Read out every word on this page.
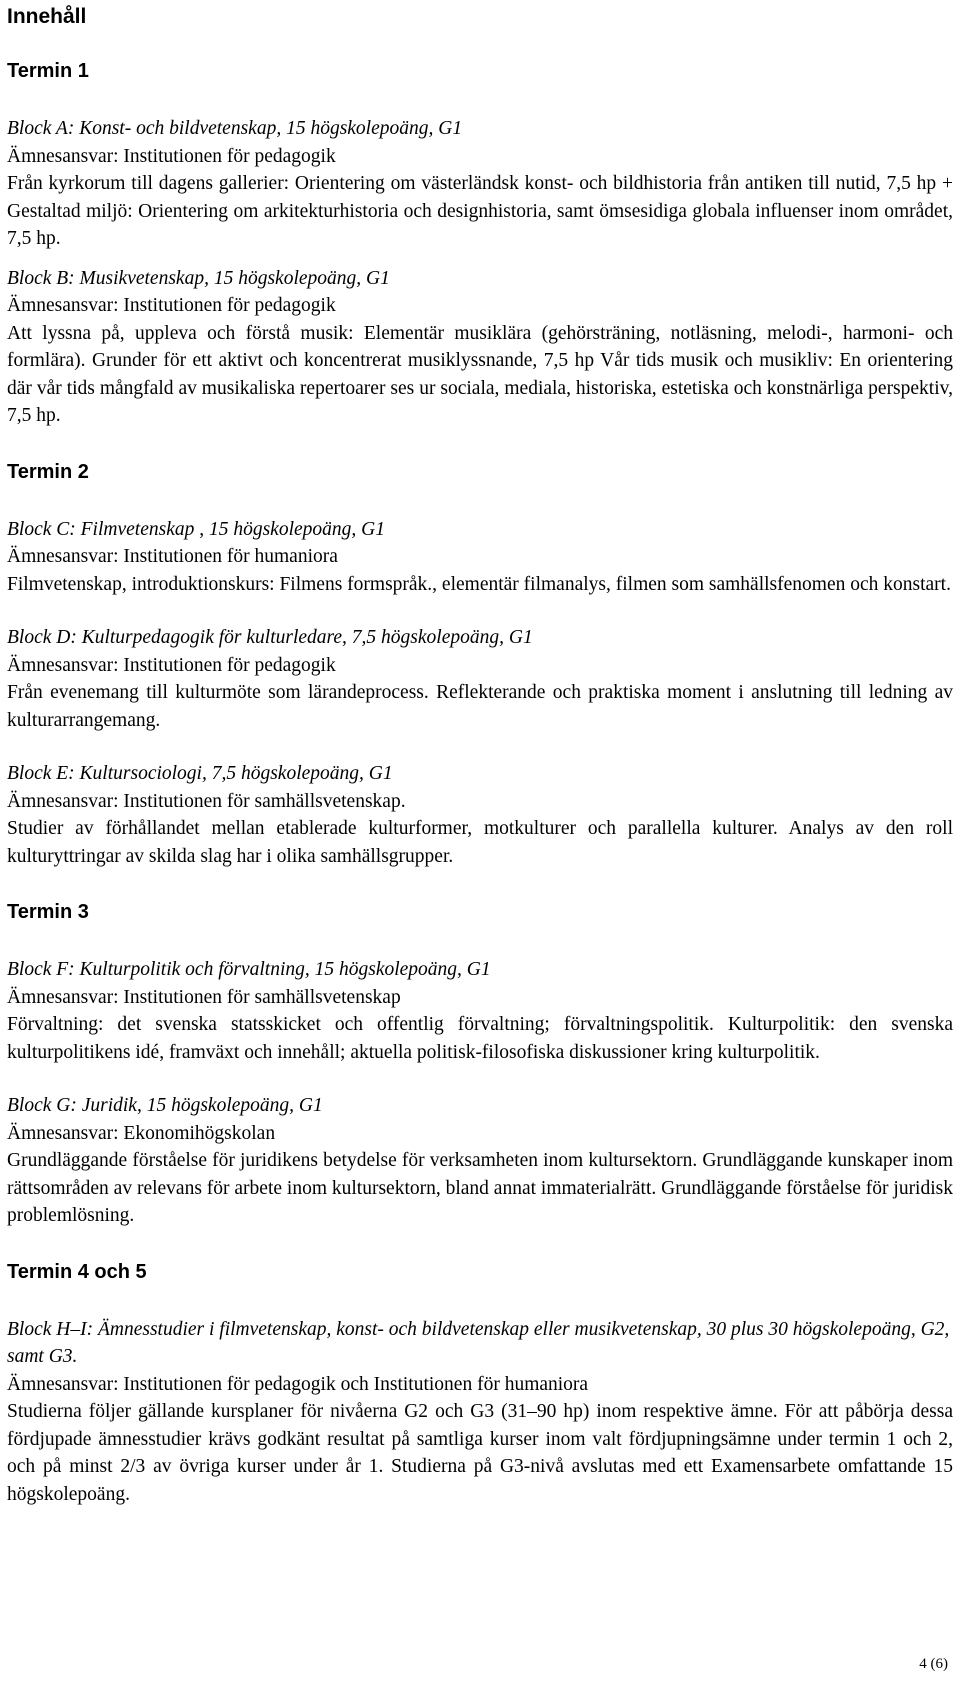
Innehåll
Termin 1

Block A: Konst- och bildvetenskap, 15 högskolepoäng, G1

Ämnesansvar: Institutionen för pedagogik

Från kyrkorum till dagens gallerier: Orientering om västerländsk konst- och bildhistoria från antiken till nutid, 7,5 hp + Gestaltad miljö: Orientering om arkitekturhistoria och designhistoria, samt ömsesidiga globala influenser inom området, 7,5 hp.

Block B: Musikvetenskap, 15 högskolepoäng, G1

Ämnesansvar: Institutionen för pedagogik

Att lyssna på, uppleva och förstå musik: Elementär musiklära (gehörsträning, notläsning, melodi-, harmoni- och formlära). Grunder för ett aktivt och koncentrerat musiklyssnande, 7,5 hp Vår tids musik och musikliv: En orientering där vår tids mångfald av musikaliska repertoarer ses ur sociala, mediala, historiska, estetiska och konstnärliga perspektiv, 7,5 hp.

Termin 2

Block C: Filmvetenskap , 15 högskolepoäng, G1

Ämnesansvar: Institutionen för humaniora

Filmvetenskap, introduktionskurs: Filmens formspråk., elementär filmanalys, filmen som samhällsfenomen och konstart.

Block D: Kulturpedagogik för kulturledare, 7,5 högskolepoäng, G1

Ämnesansvar: Institutionen för pedagogik

Från evenemang till kulturmöte som lärandeprocess. Reflekterande och praktiska moment i anslutning till ledning av kulturarrangemang.

Block E: Kultursociologi, 7,5 högskolepoäng, G1

Ämnesansvar: Institutionen för samhällsvetenskap.

Studier av förhållandet mellan etablerade kulturformer, motkulturer och parallella kulturer. Analys av den roll kulturyttringar av skilda slag har i olika samhällsgrupper.

Termin 3

Block F: Kulturpolitik och förvaltning, 15 högskolepoäng, G1

Ämnesansvar: Institutionen för samhällsvetenskap

Förvaltning: det svenska statsskicket och offentlig förvaltning; förvaltningspolitik. Kulturpolitik: den svenska kulturpolitikens idé, framväxt och innehåll; aktuella politisk-filosofiska diskussioner kring kulturpolitik.

Block G: Juridik, 15 högskolepoäng, G1

Ämnesansvar: Ekonomihögskolan

Grundläggande förståelse för juridikens betydelse för verksamheten inom kultursektorn. Grundläggande kunskaper inom rättsområden av relevans för arbete inom kultursektorn, bland annat immaterialrätt. Grundläggande förståelse för juridisk problemlösning.

Termin 4 och 5

Block H–I: Ämnesstudier i filmvetenskap, konst- och bildvetenskap eller musikvetenskap, 30 plus 30 högskolepoäng, G2, samt G3.

Ämnesansvar: Institutionen för pedagogik och Institutionen för humaniora

Studierna följer gällande kursplaner för nivåerna G2 och G3 (31–90 hp) inom respektive ämne. För att påbörja dessa fördjupade ämnesstudier krävs godkänt resultat på samtliga kurser inom valt fördjupningsämne under termin 1 och 2, och på minst 2/3 av övriga kurser under år 1. Studierna på G3-nivå avslutas med ett Examensarbete omfattande 15 högskolepoäng.

4 (6)
